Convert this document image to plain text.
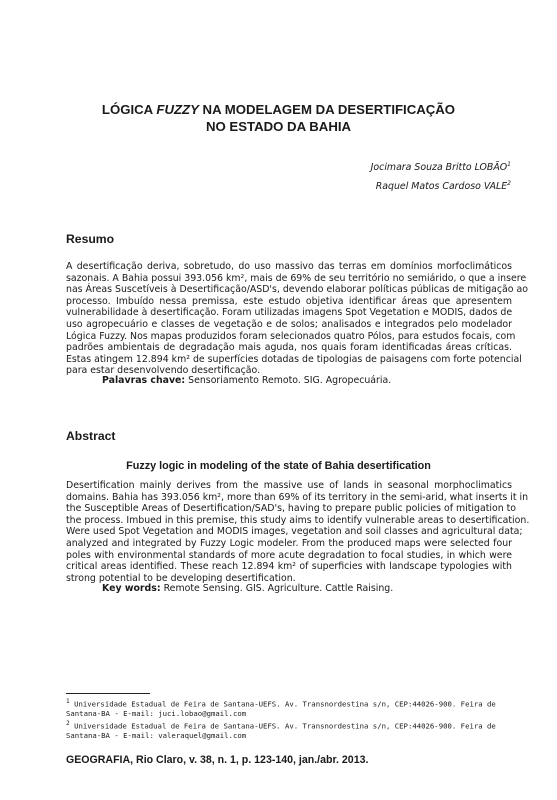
LÓGICA FUZZY NA MODELAGEM DA DESERTIFICAÇÃO
NO ESTADO DA BAHIA
Jocimara Souza Britto LOBÃO$^1$
Raquel Matos Cardoso VALE$^2$
Resumo
A desertificação deriva, sobretudo, do uso massivo das terras em domínios morfoclimáticos
sazonais. A Bahia possui 393.056 km², mais de 69% de seu território no semiárido, o que a insere
nas Áreas Suscetíveis à Desertificação/ASD's, devendo elaborar políticas públicas de mitigação ao
processo. Imbuído nessa premissa, este estudo objetiva identificar áreas que apresentem
vulnerabilidade à desertificação. Foram utilizadas imagens Spot Vegetation e MODIS, dados de
uso agropecuário e classes de vegetação e de solos; analisados e integrados pelo modelador
Lógica Fuzzy. Nos mapas produzidos foram selecionados quatro Pólos, para estudos focais, com
padrões ambientais de degradação mais aguda, nos quais foram identificadas áreas críticas.
Estas atingem 12.894 km² de superfícies dotadas de tipologias de paisagens com forte potencial
para estar desenvolvendo desertificação.
Palavras chave: Sensoriamento Remoto. SIG. Agropecuária.
Abstract
Fuzzy logic in modeling of the state of Bahia desertification
Desertification mainly derives from the massive use of lands in seasonal morphoclimatics
domains. Bahia has 393.056 km², more than 69% of its territory in the semi-arid, what inserts it in
the Susceptible Areas of Desertification/SAD's, having to prepare public policies of mitigation to
the process. Imbued in this premise, this study aims to identify vulnerable areas to desertification.
Were used Spot Vegetation and MODIS images, vegetation and soil classes and agricultural data;
analyzed and integrated by Fuzzy Logic modeler. From the produced maps were selected four
poles with environmental standards of more acute degradation to focal studies, in which were
critical areas identified. These reach 12.894 km² of superficies with landscape typologies with
strong potential to be developing desertification.
Key words: Remote Sensing. GIS. Agriculture. Cattle Raising.
$^1$ Universidade Estadual de Feira de Santana-UEFS. Av. Transnordestina s/n, CEP:44026-900. Feira de
Santana-BA - E-mail: juci.lobao@gmail.com
$^2$ Universidade Estadual de Feira de Santana-UEFS. Av. Transnordestina s/n, CEP:44026-900. Feira de
Santana-BA - E-mail: valeraquel@gmail.com
GEOGRAFIA, Rio Claro, v. 38, n. 1, p. 123-140, jan./abr. 2013.
